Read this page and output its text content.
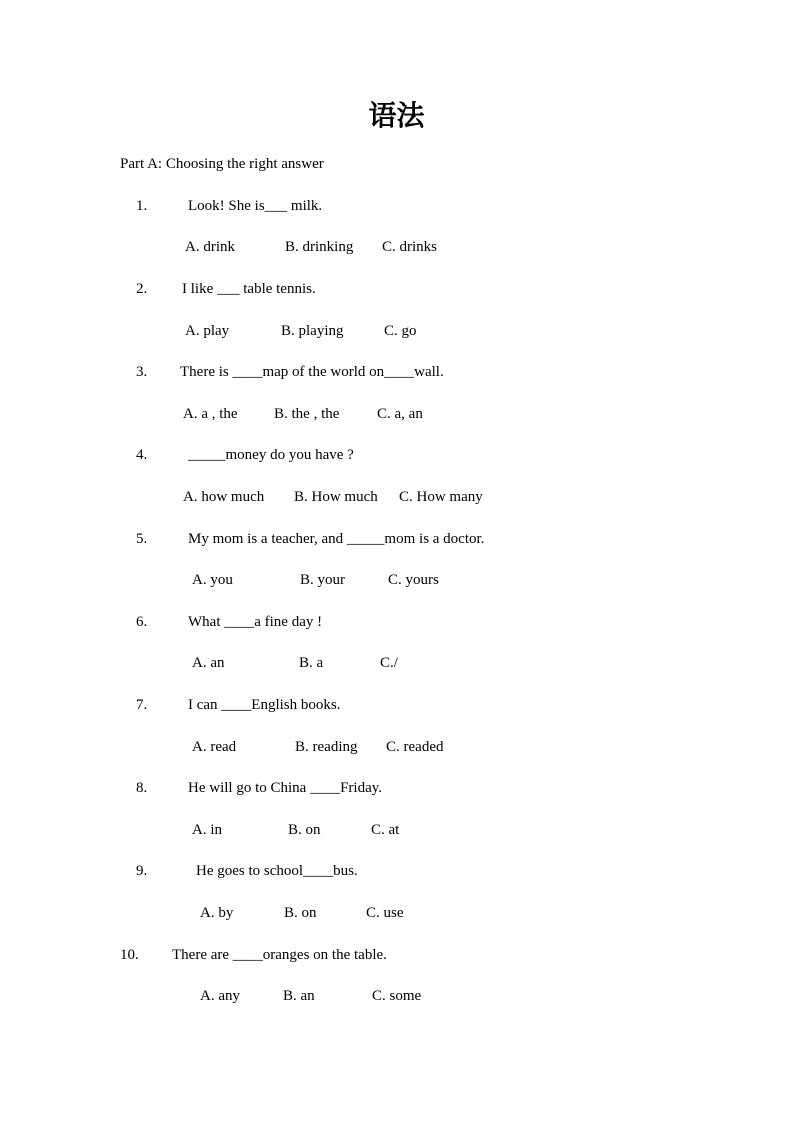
语法
Part A: Choosing the right answer
1.	Look! She is___ milk.
A. drink	B. drinking C. drinks
2. I like ___ table tennis.
A. play	B. playing	C. go
3. There is ____map of the world on____wall.
A. a , the B. the , the	C. a, an
4.	_____money do you have ?
A. how much B. How much C. How many
5.	My mom is a teacher, and _____mom is a doctor.
A. you	B. your	C. yours
6.	What ____a fine day !
A. an	B. a	C./
7.	I can ____English books.
A. read	B. reading C. readed
8.	He will go to China ____Friday.
A. in	B. on	C. at
9.	He goes to school____bus.
A. by	B. on	C. use
10. There are ____oranges on the table.
A. any	B. an	C. some
